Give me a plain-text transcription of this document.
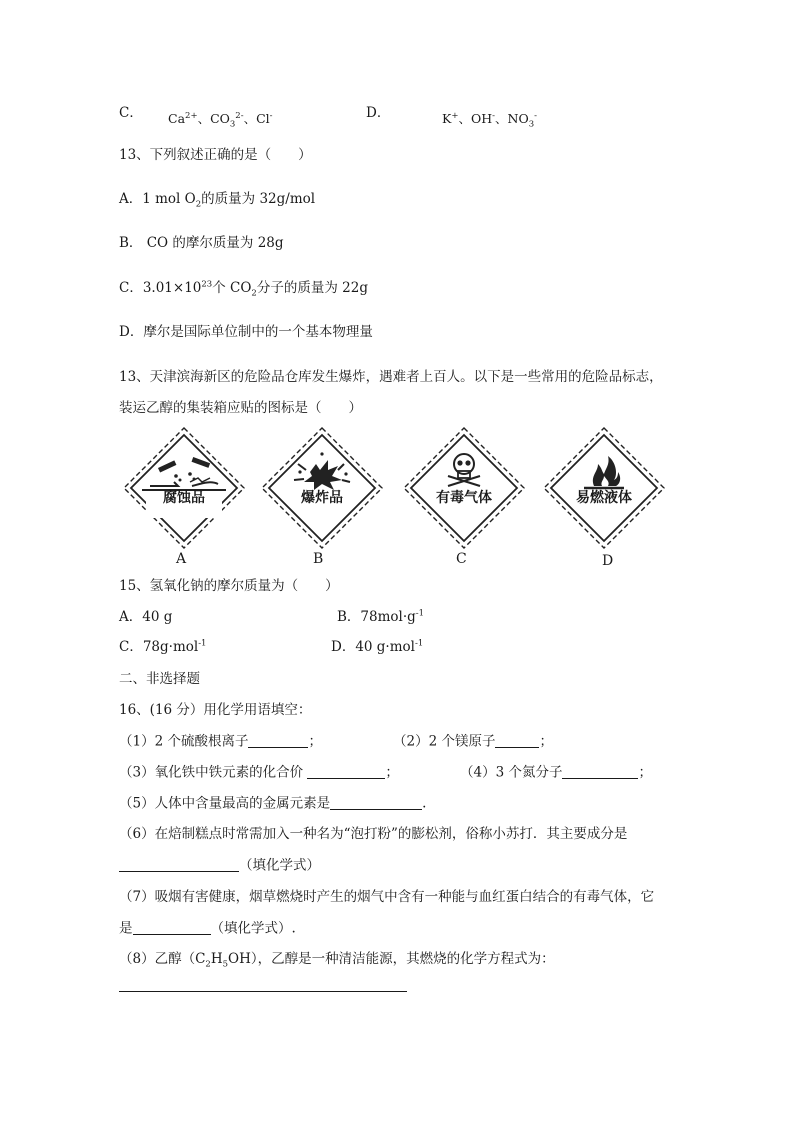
C． $Ca^{2+}$、$CO_3^{2-}$、Cl-	D．	K+、OH-、$NO_3^-$
13、下列叙述正确的是（　　）
A．1 mol $O_2$的质量为 32g/mol
B． CO 的摩尔质量为 28g
C．$3.01\times 10^{23}$个 $CO_2$分子的质量为 22g
D．摩尔是国际单位制中的一个基本物理量
13、天津滨海新区的危险品仓库发生爆炸，遇难者上百人。以下是一些常用的危险品标志，
装运乙醇的集装箱应贴的图标是（　　）
腐蚀品
A
爆炸品
B
有毒气体
C
易燃液体
D
15、氢氧化钠的摩尔质量为（　　）
A．40 g	B．$78mol\cdot g^{-1}$
C．78g·mol$^{-1}$	D．40 g·mol$^{-1}$
二、非选择题
16、(16 分）用化学用语填空：
（1）2 个硫酸根离子	；	（2）2 个镁原子	；
（3）氧化铁中铁元素的化合价	；	（4）3 个氮分子	；
（5）人体中含量最高的金属元素是	.
（6）在焙制糕点时常需加入一种名为“泡打粉”的膨松剂，俗称小苏打．其主要成分是
（填化学式）
（7）吸烟有害健康，烟草燃烧时产生的烟气中含有一种能与血红蛋白结合的有毒气体，它
是	（填化学式）.
（8）乙醇$(C_2H_5OH)$，乙醇是一种清洁能源，其燃烧的化学方程式为：
